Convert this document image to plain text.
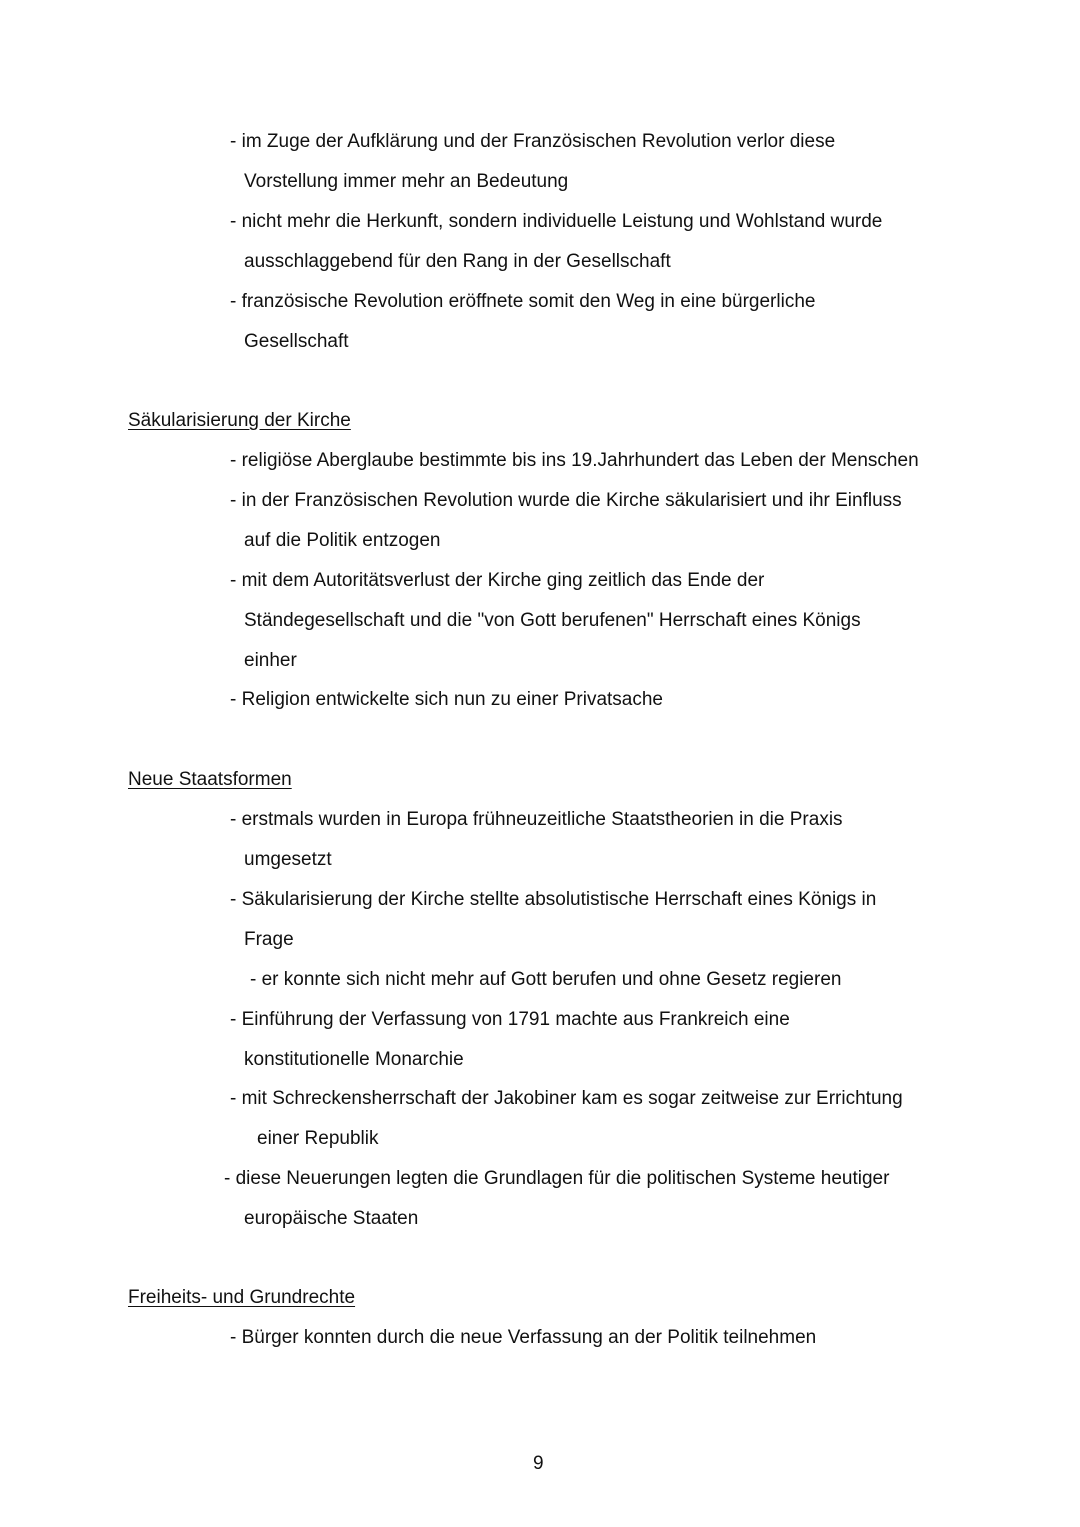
- im Zuge der Aufklärung und der Französischen Revolution verlor diese
Vorstellung immer mehr an Bedeutung
- nicht mehr die Herkunft, sondern individuelle Leistung und Wohlstand wurde
ausschlaggebend für den Rang in der Gesellschaft
- französische Revolution eröffnete somit den Weg in eine bürgerliche
Gesellschaft
Säkularisierung der Kirche
- religiöse Aberglaube bestimmte bis ins 19.Jahrhundert das Leben der Menschen
- in der Französischen Revolution wurde die Kirche säkularisiert und ihr Einfluss
auf die Politik entzogen
- mit dem Autoritätsverlust der Kirche ging zeitlich das Ende der
Ständegesellschaft und die "von Gott berufenen" Herrschaft eines Königs
einher
- Religion entwickelte sich nun zu einer Privatsache
Neue Staatsformen
- erstmals wurden in Europa frühneuzeitliche Staatstheorien in die Praxis
umgesetzt
- Säkularisierung der Kirche stellte absolutistische Herrschaft eines Königs in
Frage
- er konnte sich nicht mehr auf Gott berufen und ohne Gesetz regieren
- Einführung der Verfassung von 1791 machte aus Frankreich eine
konstitutionelle Monarchie
- mit Schreckensherrschaft der Jakobiner kam es sogar zeitweise zur Errichtung
einer Republik
- diese Neuerungen legten die Grundlagen für die politischen Systeme heutiger
europäische Staaten
Freiheits- und Grundrechte
- Bürger konnten durch die neue Verfassung an der Politik teilnehmen
9
